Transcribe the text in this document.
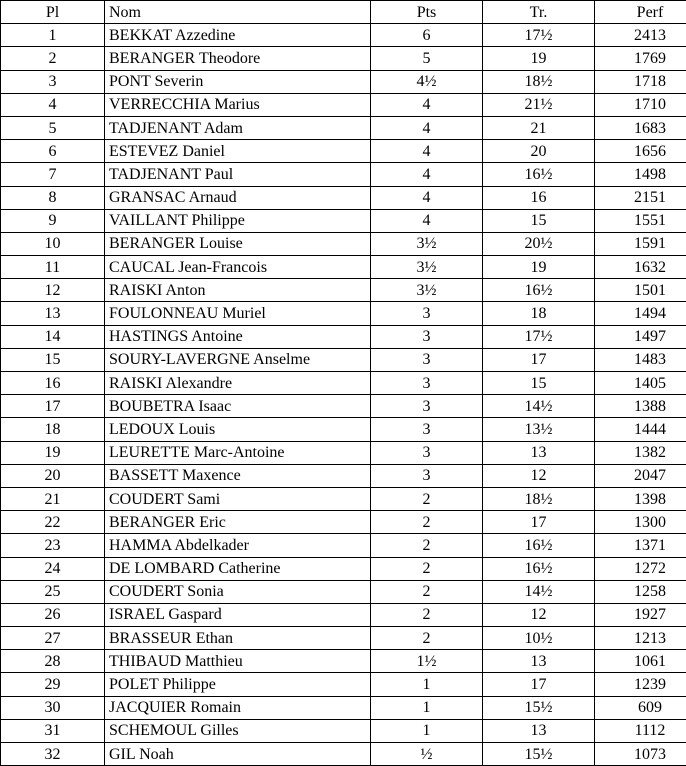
Pl	Nom	Pts	Tr.	Perf
1	BEKKAT Azzedine	6	17½	2413
2	BERANGER Theodore	5	19	1769
3	PONT Severin	4½	18½	1718
4	VERRECCHIA Marius	4	21½	1710
5	TADJENANT Adam	4	21	1683
6	ESTEVEZ Daniel	4	20	1656
7	TADJENANT Paul	4	16½	1498
8	GRANSAC Arnaud	4	16	2151
9	VAILLANT Philippe	4	15	1551
10	BERANGER Louise	3½	20½	1591
11	CAUCAL Jean-Francois	3½	19	1632
12	RAISKI Anton	3½	16½	1501
13	FOULONNEAU Muriel	3	18	1494
14	HASTINGS Antoine	3	17½	1497
15	SOURY-LAVERGNE Anselme	3	17	1483
16	RAISKI Alexandre	3	15	1405
17	BOUBETRA Isaac	3	14½	1388
18	LEDOUX Louis	3	13½	1444
19	LEURETTE Marc-Antoine	3	13	1382
20	BASSETT Maxence	3	12	2047
21	COUDERT Sami	2	18½	1398
22	BERANGER Eric	2	17	1300
23	HAMMA Abdelkader	2	16½	1371
24	DE LOMBARD Catherine	2	16½	1272
25	COUDERT Sonia	2	14½	1258
26	ISRAEL Gaspard	2	12	1927
27	BRASSEUR Ethan	2	10½	1213
28	THIBAUD Matthieu	1½	13	1061
29	POLET Philippe	1	17	1239
30	JACQUIER Romain	1	15½	609
31	SCHEMOUL Gilles	1	13	1112
32	GIL Noah	½	15½	1073
